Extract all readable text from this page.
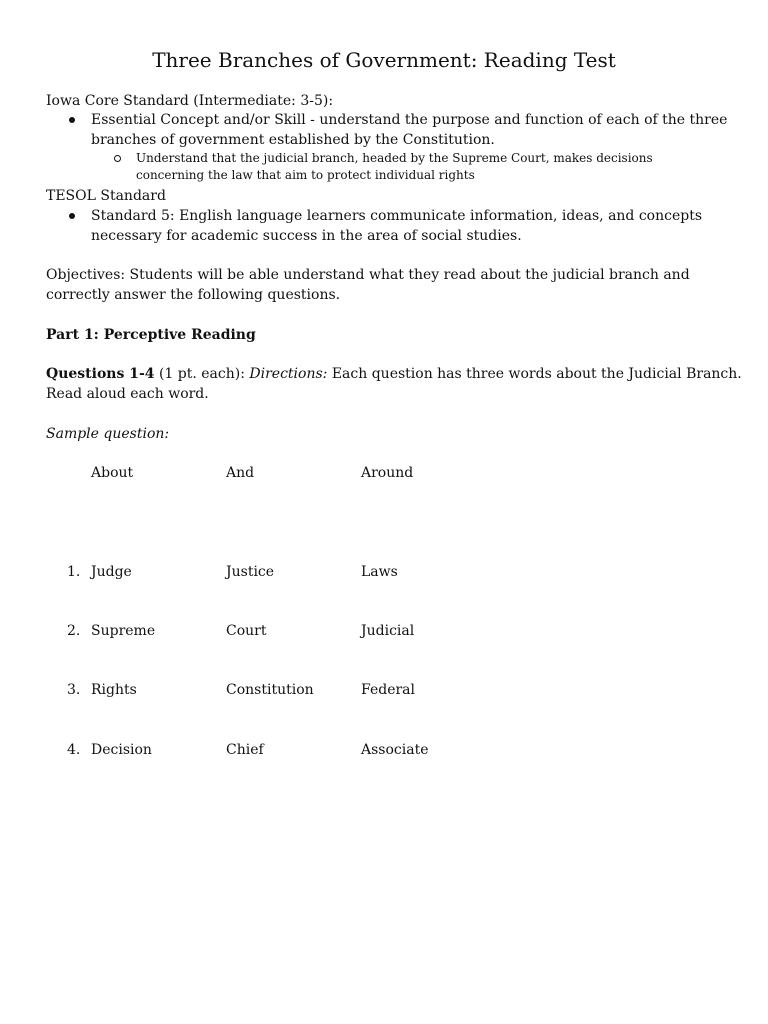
Three Branches of Government: Reading Test
Iowa Core Standard (Intermediate: 3-5):
Essential Concept and/or Skill - understand the purpose and function of each of the three
branches of government established by the Constitution.
Understand that the judicial branch, headed by the Supreme Court, makes decisions
concerning the law that aim to protect individual rights
TESOL Standard
Standard 5: English language learners communicate information, ideas, and concepts
necessary for academic success in the area of social studies.
Objectives: Students will be able understand what they read about the judicial branch and
correctly answer the following questions.
Part 1: Perceptive Reading
Questions 1-4 (1 pt. each): Directions: Each question has three words about the Judicial Branch.
Read aloud each word.
Sample question:
About	And	Around
1. Judge	Justice	Laws
2. Supreme	Court	Judicial
3. Rights	Constitution	Federal
4. Decision	Chief	Associate
